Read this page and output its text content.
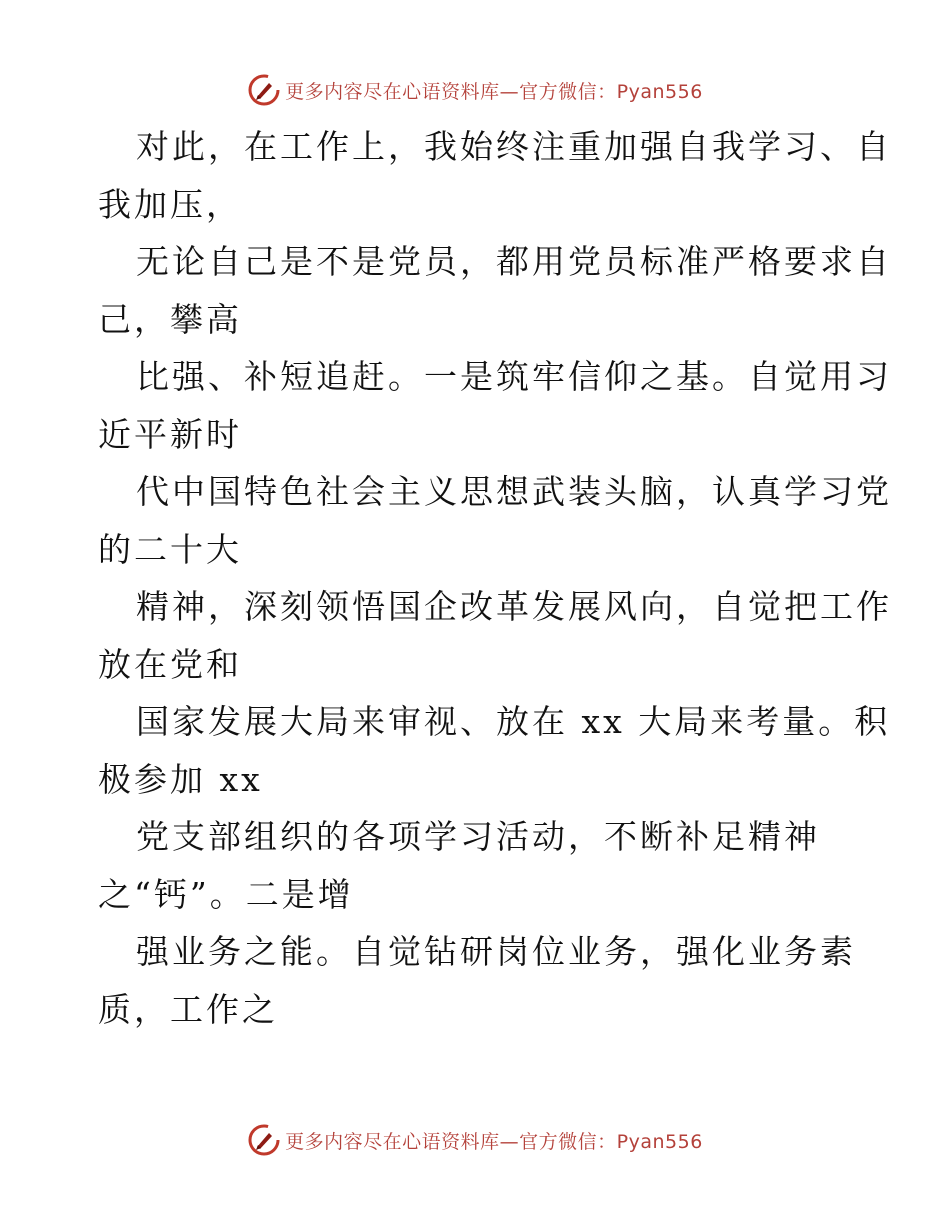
更多内容尽在心语资料库—官方微信：Pyan556
对此，在工作上，我始终注重加强自我学习、自
我加压，
无论自己是不是党员，都用党员标准严格要求自
己，攀高
比强、补短追赶。一是筑牢信仰之基。自觉用习
近平新时
代中国特色社会主义思想武装头脑，认真学习党
的二十大
精神，深刻领悟国企改革发展风向，自觉把工作
放在党和
国家发展大局来审视、放在 xx 大局来考量。积
极参加 xx
党支部组织的各项学习活动，不断补足精神
之“钙”。二是增
强业务之能。自觉钻研岗位业务，强化业务素
质，工作之
更多内容尽在心语资料库—官方微信：Pyan556
